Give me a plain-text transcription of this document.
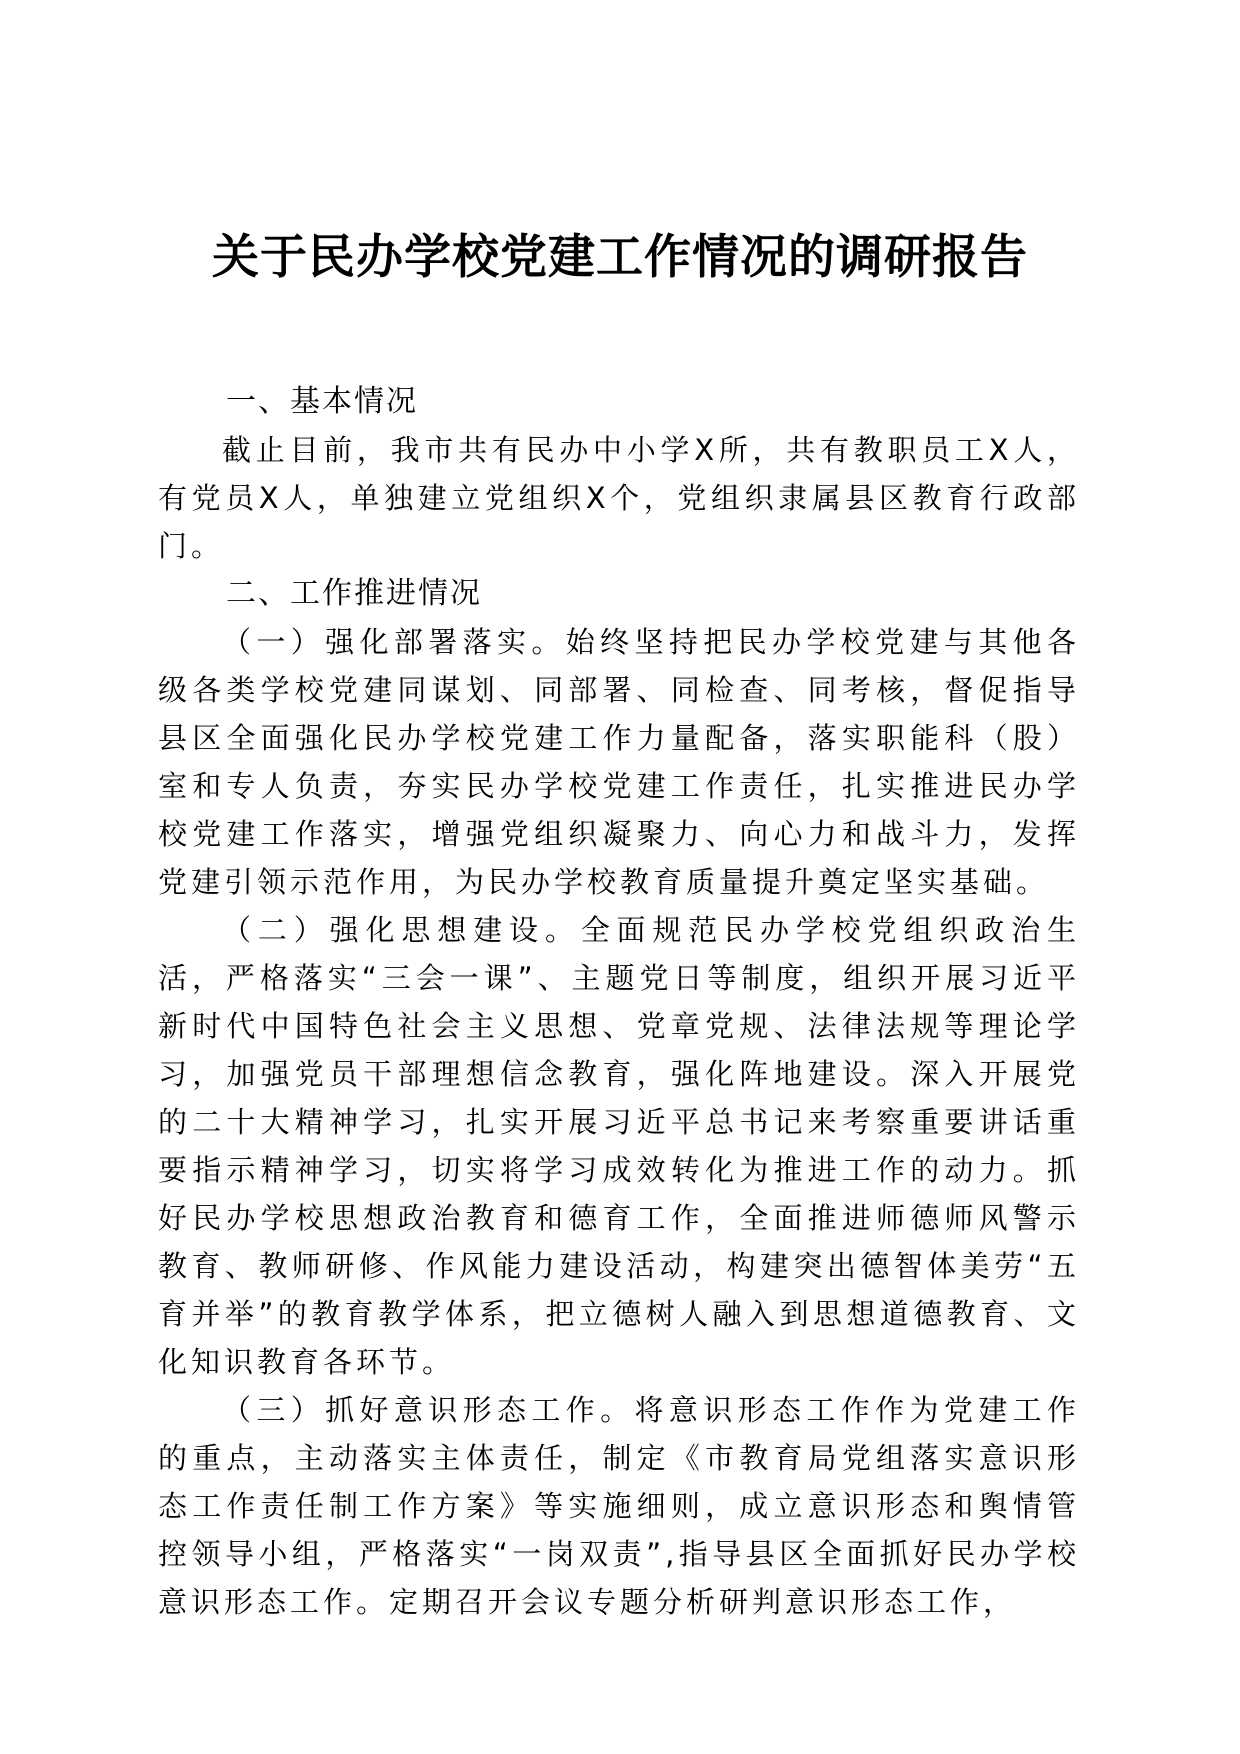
关于民办学校党建工作情况的调研报告
一、基本情况

截止目前，我市共有民办中小学X所，共有教职员工X人，有党员X人，单独建立党组织X个，党组织隶属县区教育行政部门。

二、工作推进情况

（一）强化部署落实。始终坚持把民办学校党建与其他各级各类学校党建同谋划、同部署、同检查、同考核，督促指导县区全面强化民办学校党建工作力量配备，落实职能科（股）室和专人负责，夯实民办学校党建工作责任，扎实推进民办学校党建工作落实，增强党组织凝聚力、向心力和战斗力，发挥党建引领示范作用，为民办学校教育质量提升奠定坚实基础。

（二）强化思想建设。全面规范民办学校党组织政治生活，严格落实“三会一课”、主题党日等制度，组织开展习近平新时代中国特色社会主义思想、党章党规、法律法规等理论学习，加强党员干部理想信念教育，强化阵地建设。深入开展党的二十大精神学习，扎实开展习近平总书记来考察重要讲话重要指示精神学习，切实将学习成效转化为推进工作的动力。抓好民办学校思想政治教育和德育工作，全面推进师德师风警示教育、教师研修、作风能力建设活动，构建突出德智体美劳“五育并举”的教育教学体系，把立德树人融入到思想道德教育、文化知识教育各环节。

（三）抓好意识形态工作。将意识形态工作作为党建工作的重点，主动落实主体责任，制定《市教育局党组落实意识形态工作责任制工作方案》等实施细则，成立意识形态和舆情管控领导小组，严格落实“一岗双责”,指导县区全面抓好民办学校意识形态工作。定期召开会议专题分析研判意识形态工作，
